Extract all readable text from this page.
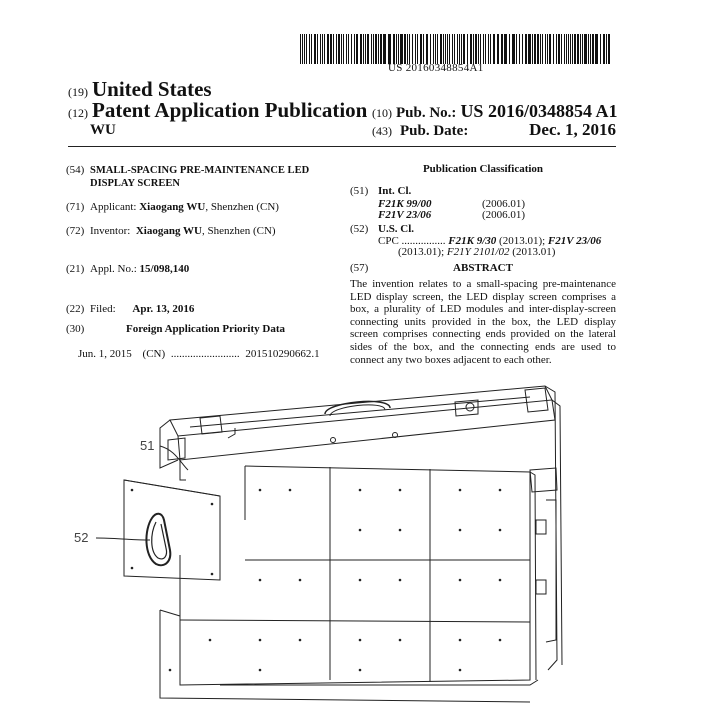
US 20160348854A1
(19) United States
(12) Patent Application Publication
WU
(10) Pub. No.: US 2016/0348854 A1
(43) Pub. Date:	Dec. 1, 2016
(54) SMALL-SPACING PRE-MAINTENANCE LED
DISPLAY SCREEN
(71) Applicant: Xiaogang WU, Shenzhen (CN)
(72) Inventor: Xiaogang WU, Shenzhen (CN)
(21) Appl. No.: 15/098,140
(22) Filed: Apr. 13, 2016
(30)	Foreign Application Priority Data
Jun. 1, 2015 (CN) ......................... 201510290662.1
Publication Classification
(51) Int. Cl.
F21K 99/00	(2006.01)
F21V 23/06	(2006.01)
(52) U.S. Cl.
CPC ................ F21K 9/30 (2013.01); F21V 23/06
(2013.01); F21Y 2101/02 (2013.01)
(57)	ABSTRACT
The invention relates to a small-spacing pre-maintenance LED display screen, the LED display screen comprises a box, a plurality of LED modules and inter-display-screen connecting units provided in the box, the LED display screen comprises connecting ends provided on the lateral sides of the box, and the connecting ends are used to connect any two boxes adjacent to each other.
51
52
